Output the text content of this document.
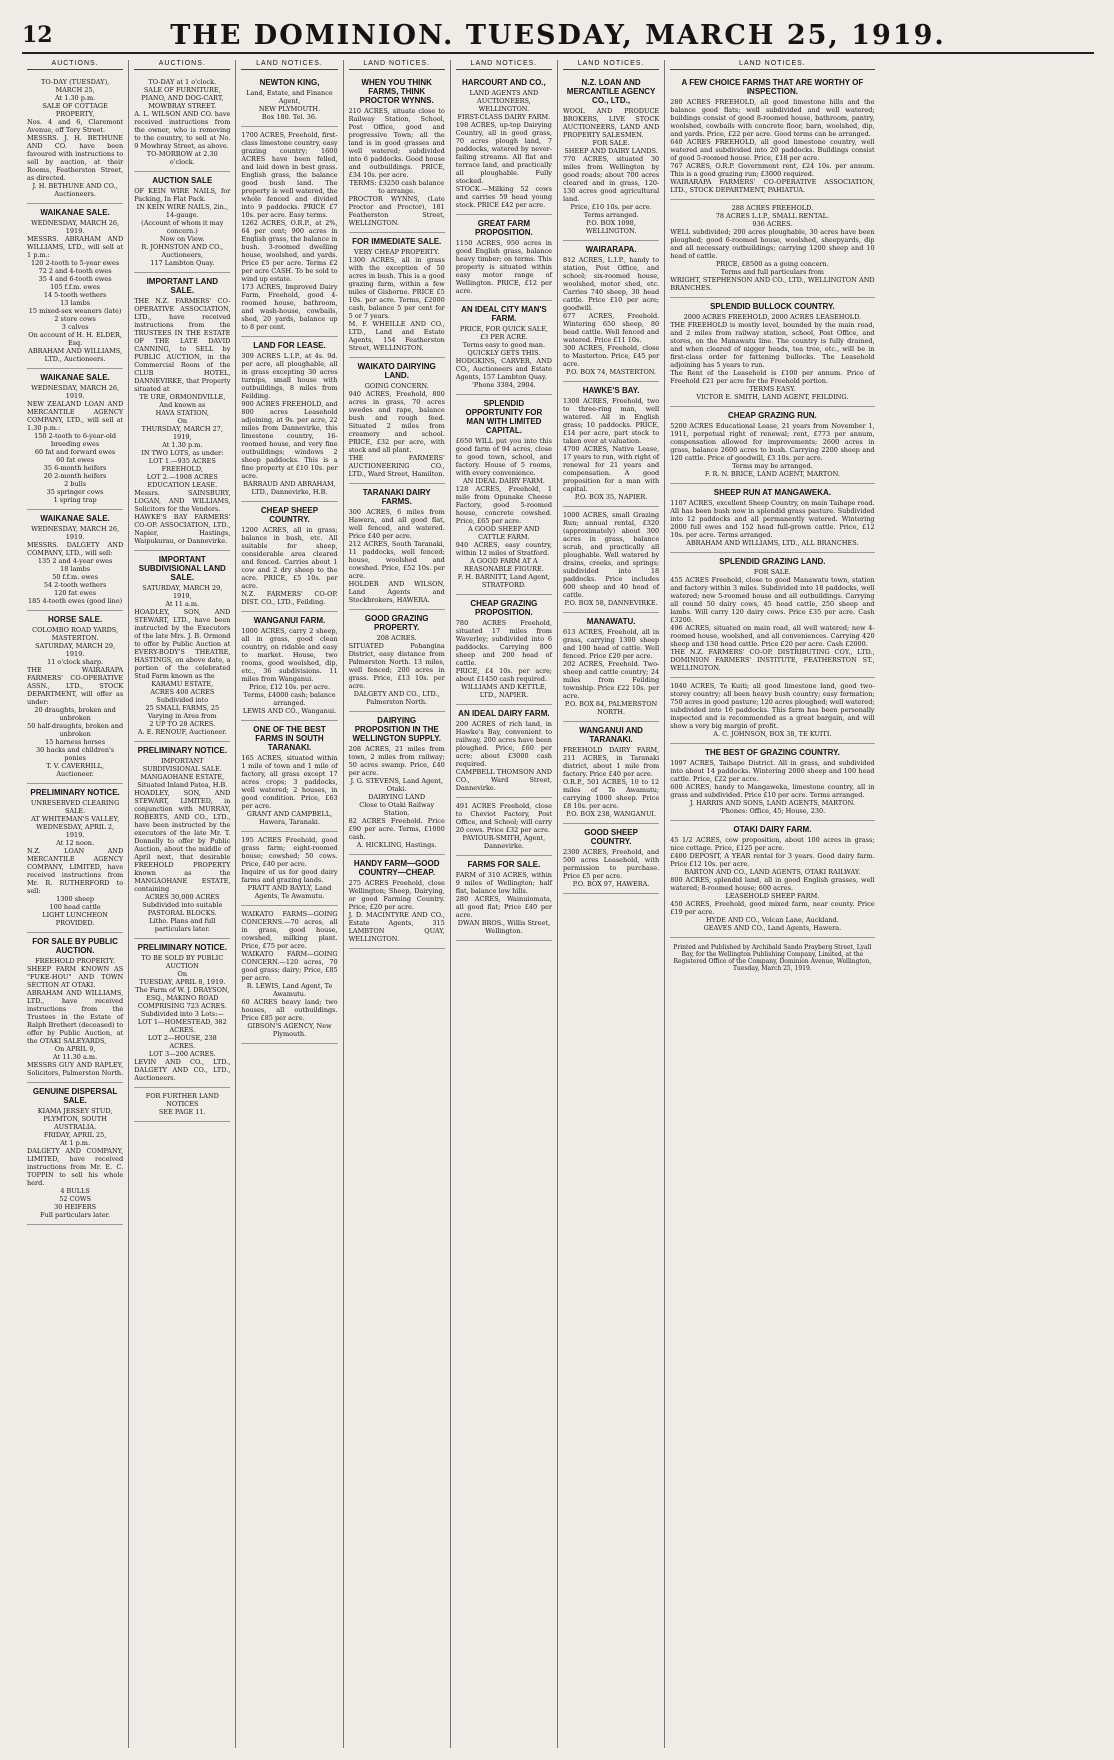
12	THE DOMINION. TUESDAY, MARCH 25, 1919.
AUCTIONS.
TO-DAY (TUESDAY), MARCH 25,
At 1.30 p.m.
SALE OF COTTAGE PROPERTY,
Nos. 4 and 6, Claremont Avenue, off Tory Street.
MESSRS. J. H. BETHUNE AND CO. have been favoured with instructions to sell by auction, at their Rooms, Featherston Street, as directed.
J. H. BETHUNE AND CO., Auctioneers.
WAIKANAE SALE.
WEDNESDAY, MARCH 26, 1919.
MESSRS. ABRAHAM AND WILLIAMS, LTD., will sell at 1 p.m.:
120 2-tooth to 5-year ewes
72 2 and 4-tooth ewes
35 4 and 6-tooth ewes
105 f.f.m. ewes
14 5-tooth wethers
13 lambs
15 mixed-sex weaners (late)
2 store cows
3 calves
On account of H. H. ELDER, Esq.
ABRAHAM AND WILLIAMS, LTD., Auctioneers.
WAIKANAE SALE.
WEDNESDAY, MARCH 26, 1919.
NEW ZEALAND LOAN AND MERCANTILE AGENCY COMPANY, LTD., will sell at 1.30 p.m.:
150 2-tooth to 6-year-old breeding ewes
60 fat and forward ewes
60 fat ewes
35 6-month heifers
20 2-month heifers
2 bulls
35 springer cows
1 spring trap
WAIKANAE SALE.
WEDNESDAY, MARCH 26, 1919.
MESSRS. DALGETY AND COMPANY, LTD., will sell:
135 2 and 4-year ewes
18 lambs
50 f.f.m. ewes
54 2-tooth wethers
120 fat ewes
185 4-tooth ewes (good line)
HORSE SALE.
COLOMBO ROAD YARDS, MASTERTON.
SATURDAY, MARCH 29, 1919.
11 o'clock sharp.
THE WAIRARAPA FARMERS' CO-OPERATIVE ASSN., LTD., STOCK DEPARTMENT, will offer as under:
20 draughts, broken and unbroken
50 half-draughts, broken and unbroken
15 harness horses
30 hacks and children's ponies
T. V. CAVERHILL, Auctioneer.
PRELIMINARY NOTICE.
UNRESERVED CLEARING SALE.
AT WHITEMAN'S VALLEY,
WEDNESDAY, APRIL 2, 1919.
At 12 noon.
N.Z. LOAN AND MERCANTILE AGENCY COMPANY, LIMITED, have received instructions from Mr. R. RUTHERFORD to sell:
1300 sheep
100 head cattle
LIGHT LUNCHEON PROVIDED.
FOR SALE BY PUBLIC AUCTION.
FREEHOLD PROPERTY.
SHEEP FARM KNOWN AS "FUKE-HOU" AND TOWN SECTION AT OTAKI.
ABRAHAM AND WILLIAMS, LTD., have received instructions from the Trustees in the Estate of Ralph Brethert (deceased) to offer by Public Auction, at the OTAKI SALEYARDS,
On APRIL 9,
At 11.30 a.m.
MESSRS GUY AND RAPLEY, Solicitors, Palmerston North.
GENUINE DISPERSAL SALE.
KIAMA JERSEY STUD,
PLYMTON, SOUTH AUSTRALIA.
FRIDAY, APRIL 25,
At 1 p.m.
DALGETY AND COMPANY, LIMITED, have received instructions from Mr. E. C. TOPPIN to sell his whole herd.
4 BULLS
52 COWS
30 HEIFERS
Full particulars later.
AUCTIONS.
TO-DAY at 1 o'clock.
SALE OF FURNITURE, PIANO, AND DOG-CART,
MOWBRAY STREET.
A. L. WILSON AND CO. have received instructions from the owner, who is removing to the country, to sell at No. 9 Mowbray Street, as above.
TO-MORROW at 2.30 o'clock.
AUCTION SALE
OF KEIN WIRE NAILS, for Packing, In Flat Pack.
IN KEIN WIRE NAILS, 2in., 14-gauge.
(Account of whom it may concern.)
Now on View.
R. JOHNSTON AND CO., Auctioneers,
117 Lambton Quay.
IMPORTANT LAND SALE.
THE N.Z. FARMERS' CO-OPERATIVE ASSOCIATION, LTD., have received instructions from the TRUSTEES IN THE ESTATE OF THE LATE DAVID CANNING, to SELL by PUBLIC AUCTION, in the Commercial Room of the CLUB HOTEL, DANNEVIRKE, that Property situated at
TE URE, ORMONDVILLE,
And known as
HAVA STATION,
On
THURSDAY, MARCH 27, 1919,
At 1.30 p.m.
IN TWO LOTS, as under:
LOT 1.—935 ACRES FREEHOLD,
LOT 2.—1908 ACRES EDUCATION LEASE.
Messrs. SAINSBURY, LOGAN, AND WILLIAMS, Solicitors for the Vendors.
HAWKE'S BAY FARMERS' CO-OP. ASSOCIATION, LTD., Napier, Hastings, Waipukurau, or Dannevirke.
IMPORTANT SUBDIVISIONAL LAND SALE.
SATURDAY, MARCH 29, 1919,
At 11 a.m.
HOADLEY, SON, AND STEWART, LTD., have been instructed by the Executors of the late Mrs. J. B. Ormond to offer by Public Auction at EVERY-BODY'S THEATRE, HASTINGS, on above date, a portion of the celebrated Stud Farm known as the
KARAMU ESTATE,
ACRES 400 ACRES
Subdivided into
25 SMALL FARMS, 25
Varying in Area from
2 UP TO 28 ACRES.
A. E. RENOUF, Auctioneer.
PRELIMINARY NOTICE.
IMPORTANT SUBDIVISIONAL SALE.
MANGAOHANE ESTATE,
Situated Inland Patea, H.B.
HOADLEY, SON, AND STEWART, LIMITED, in conjunction with MURRAY, ROBERTS, AND CO., LTD., have been instructed by the executors of the late Mr. T. Donnelly to offer by Public Auction, about the middle of April next, that desirable FREEHOLD PROPERTY known as the MANGAOHANE ESTATE, containing
ACRES 30,000 ACRES
Subdivided into suitable PASTORAL BLOCKS.
Litho. Plans and full particulars later.
PRELIMINARY NOTICE.
TO BE SOLD BY PUBLIC AUCTION
On
TUESDAY, APRIL 8, 1919.
The Farm of W. J. DRAYSON, ESQ., MAKINO ROAD
COMPRISING 723 ACRES.
Subdivided into 3 Lots:—
LOT 1—HOMESTEAD, 382 ACRES.
LOT 2—HOUSE, 238 ACRES.
LOT 3—200 ACRES.
LEVIN AND CO., LTD., DALGETY AND CO., LTD., Auctioneers.
FOR FURTHER LAND NOTICES
SEE PAGE 11.
LAND NOTICES.
NEWTON KING,
Land, Estate, and Finance Agent,
NEW PLYMOUTH.
Box 180. Tel. 36.
1700 ACRES, Freehold, first-class limestone country, easy grazing country; 1600 ACRES have been felled, and laid down in best grass. English grass, the balance good bush land. The property is well watered, the whole fenced and divided into 9 paddocks. PRICE £7 10s. per acre. Easy terms.
1262 ACRES, O.R.P., at 2%, 64 per cent; 900 acres in English grass, the balance in bush. 3-roomed dwelling house, woolshed, and yards. Price £5 per acre. Terms £2 per acre CASH. To be sold to wind up estate.
173 ACRES, Improved Dairy Farm, Freehold, good 4-roomed house, bathroom, and wash-house, cowbails, shed, 20 yards, balance up to 8 per cent.
LAND FOR LEASE.
309 ACRES L.I.P., at 4s. 9d. per acre, all ploughable, all in grass excepting 30 acres turnips, small house with outbuildings, 8 miles from Feilding.
900 ACRES FREEHOLD, and 800 acres Leasehold adjoining, at 9s. per acre, 22 miles from Dannevirke, this limestone country, 16-roomed house, and very fine outbuildings; windows 2 sheep paddocks. This is a fine property at £10 10s. per acre.
BARRAUD AND ABRAHAM, LTD., Dannevirke, H.B.
CHEAP SHEEP COUNTRY.
1200 ACRES, all in grass; balance in bush, etc. All suitable for sheep, considerable area cleared and fenced. Carries about 1 cow and 2 dry sheep to the acre. PRICE, £5 10s. per acre.
N.Z. FARMERS' CO-OP. DIST. CO., LTD., Feilding.
WANGANUI FARM.
1000 ACRES, carry 2 sheep, all in grass, good clean country, on ridable and easy to market. House, two rooms, good woolshed, dip, etc., 36 subdivisions. 11 miles from Wanganui.
Price, £12 10s. per acre.
Terms, £4000 cash; balance arranged.
LEWIS AND CO., Wanganui.
ONE OF THE BEST FARMS IN SOUTH TARANAKI.
165 ACRES, situated within 1 mile of town and 1 mile of factory, all grass except 17 acres crops; 3 paddocks, well watered; 2 houses, in good condition. Price, £63 per acre.
GRANT AND CAMPBELL, Hawera, Taranaki.
195 ACRES Freehold, good grass farm; eight-roomed house; cowshed; 50 cows. Price, £40 per acre.
Inquire of us for good dairy farms and grazing lands.
PRATT AND BAYLY, Land Agents, Te Awamutu.
WAIKATO FARMS—GOING CONCERNS.—70 acres, all in grass, good house, cowshed, milking plant. Price, £75 per acre.
WAIKATO FARM—GOING CONCERN.—120 acres, 70 good grass; dairy; Price, £85 per acre.
R. LEWIS, Land Agent, Te Awamutu.
60 ACRES heavy land; two houses, all outbuildings. Price £85 per acre.
GIBSON'S AGENCY, New Plymouth.
LAND NOTICES.
WHEN YOU THINK FARMS, THINK PROCTOR WYNNS.
210 ACRES, situate close to Railway Station, School, Post Office, good and progressive Town; all the land is in good grasses and well watered; subdivided into 6 paddocks. Good house and outbuildings. PRICE, £34 10s. per acre.
TERMS: £3250 cash balance to arrange.
PROCTOR WYNNS, (Late Proctor and Proctor), 181 Featherston Street, WELLINGTON.
FOR IMMEDIATE SALE.
VERY CHEAP PROPERTY.
1300 ACRES, all in grass with the exception of 50 acres in bush. This is a good grazing farm, within a few miles of Gisborne. PRICE £5 10s. per acre. Terms, £2000 cash, balance 5 per cent for 5 or 7 years.
M. F. WHEILLE AND CO., LTD., Land and Estate Agents, 154 Featherston Street, WELLINGTON.
WAIKATO DAIRYING LAND.
GOING CONCERN.
940 ACRES, Freehold, 800 acres in grass, 70 acres swedes and rape, balance bush and rough feed. Situated 2 miles from creamery and school. PRICE, £32 per acre, with stock and all plant.
THE FARMERS' AUCTIONEERING CO., LTD., Ward Street, Hamilton.
TARANAKI DAIRY FARMS.
300 ACRES, 6 miles from Hawera, and all good flat, well fenced, and watered. Price £40 per acre.
212 ACRES, South Taranaki, 11 paddocks, well fenced; house, woolshed and cowshed. Price, £52 10s. per acre.
HOLDER AND WILSON, Land Agents and Stockbrokers, HAWERA.
GOOD GRAZING PROPERTY.
208 ACRES.
SITUATED Pohangina District, easy distance from Palmerston North. 13 miles, well fenced; 200 acres in grass. Price, £13 10s. per acre.
DALGETY AND CO., LTD., Palmerston North.
DAIRYING PROPOSITION IN THE WELLINGTON SUPPLY.
208 ACRES, 21 miles from town, 2 miles from railway; 50 acres swamp. Price, £40 per acre.
J. G. STEVENS, Land Agent, Otaki.
DAIRYING LAND
Close to Otaki Railway Station.
82 ACRES Freehold. Price £90 per acre. Terms, £1000 cash.
A. HICKLING, Hastings.
HANDY FARM—GOOD COUNTRY—CHEAP.
275 ACRES Freehold, close Wellington; Sheep, Dairying, or good Farming Country. Price, £20 per acre.
J. D. MACINTYRE AND CO., Estate Agents, 315 LAMBTON QUAY, WELLINGTON.
LAND NOTICES.
HARCOURT AND CO.,
LAND AGENTS AND AUCTIONEERS, WELLINGTON.
FIRST-CLASS DAIRY FARM.
198 ACRES, up-top Dairying Country, all in good grass, 70 acres plough land, 7 paddocks, watered by never-failing streams. All flat and terrace land, and practically all ploughable. Fully stocked.
STOCK.—Milking 52 cows and carries 59 head young stock. PRICE £42 per acre.
GREAT FARM PROPOSITION.
1150 ACRES, 950 acres in good English grass, balance heavy timber; on terms. This property is situated within easy motor range of Wellington. PRICE, £12 per acre.
AN IDEAL CITY MAN'S FARM.
PRICE, FOR QUICK SALE, £3 PER ACRE.
Terms easy to good man.
QUICKLY GETS THIS.
HODGKINS, CARVER, AND CO., Auctioneers and Estate Agents, 157 Lambton Quay.
'Phone 3384, 2904.
SPLENDID OPPORTUNITY FOR MAN WITH LIMITED CAPITAL.
£650 WILL put you into this good farm of 94 acres, close to good town, school, and factory. House of 5 rooms, with every convenience.
AN IDEAL DAIRY FARM.
128 ACRES, Freehold, 1 mile from Opunake Cheese Factory, good 5-roomed house, concrete cowshed. Price, £65 per acre.
A GOOD SHEEP AND CATTLE FARM.
940 ACRES, easy country, within 12 miles of Stratford.
A GOOD FARM AT A REASONABLE FIGURE.
F. H. BARNITT, Land Agent, STRATFORD.
CHEAP GRAZING PROPOSITION.
780 ACRES Freehold, situated 17 miles from Waverley; subdivided into 6 paddocks. Carrying 800 sheep and 200 head of cattle.
PRICE, £4 10s. per acre; about £1450 cash required.
WILLIAMS AND KETTLE, LTD., NAPIER.
AN IDEAL DAIRY FARM.
200 ACRES of rich land, in Hawke's Bay, convenient to railway, 200 acres have been ploughed. Price, £60 per acre; about £3000 cash required.
CAMPBELL THOMSON AND CO., Ward Street, Dannevirke.
491 ACRES Freehold, close to Cheviot Factory, Post Office, and School; will carry 20 cows. Price £32 per acre.
PAVIOUR-SMITH, Agent, Dannevirke.
FARMS FOR SALE.
FARM of 310 ACRES, within 9 miles of Wellington; half flat, balance low hills.
280 ACRES, Wainuiomata, all good flat; Price £40 per acre.
DWAN BROS., Willis Street, Wellington.
LAND NOTICES.
N.Z. LOAN AND MERCANTILE AGENCY CO., LTD.,
WOOL AND PRODUCE BROKERS, LIVE STOCK AUCTIONEERS, LAND AND PROPERTY SALESMEN.
FOR SALE.
SHEEP AND DAIRY LANDS.
770 ACRES, situated 30 miles from Wellington by good roads; about 700 acres cleared and in grass, 120-130 acres good agricultural land.
Price, £10 10s. per acre. Terms arranged.
P.O. BOX 1098, WELLINGTON.
WAIRARAPA.
812 ACRES, L.I.P., handy to station, Post Office, and school; six-roomed house, woolshed, motor shed, etc. Carries 740 sheep, 30 head cattle. Price £10 per acre; goodwill.
677 ACRES, Freehold. Wintering 650 sheep, 80 head cattle. Well fenced and watered. Price £11 10s.
300 ACRES, Freehold, close to Masterton. Price, £45 per acre.
P.O. BOX 74, MASTERTON.
HAWKE'S BAY.
1300 ACRES, Freehold, two to three-ring man, well watered. All in English grass; 10 paddocks. PRICE, £14 per acre, part stock to taken over at valuation.
4700 ACRES, Native Lease, 17 years to run, with right of renewal for 21 years and compensation. A good proposition for a man with capital.
P.O. BOX 35, NAPIER.
1000 ACRES, small Grazing Run; annual rental, £320 (approximately) about 300 acres in grass, balance scrub, and practically all ploughable. Well watered by drains, creeks, and springs; subdivided into 18 paddocks. Price includes 600 sheep and 40 head of cattle.
P.O. BOX 58, DANNEVIRKE.
MANAWATU.
613 ACRES, Freehold, all in grass, carrying 1300 sheep and 100 head of cattle. Well fenced. Price £20 per acre.
202 ACRES, Freehold. Two-sheep and cattle country; 24 miles from Feilding township. Price £22 10s. per acre.
P.O. BOX 84, PALMERSTON NORTH.
WANGANUI AND TARANAKI.
FREEHOLD DAIRY FARM, 211 ACRES, in Taranaki district, about 1 mile from factory. Price £40 per acre.
O.R.P., 501 ACRES, 10 to 12 miles of Te Awamutu; carrying 1000 sheep. Price £8 10s. per acre.
P.O. BOX 238, WANGANUI.
GOOD SHEEP COUNTRY.
2300 ACRES, Freehold, and 500 acres Leasehold, with permission to purchase. Price £5 per acre.
P.O. BOX 97, HAWERA.
LAND NOTICES.
A FEW CHOICE FARMS THAT ARE WORTHY OF INSPECTION.
280 ACRES FREEHOLD, all good limestone hills and the balance good flats; well subdivided and well watered; buildings consist of good 8-roomed house, bathroom, pantry, woolshed, cowbails with concrete floor, barn, woolshed, dip, and yards. Price, £22 per acre. Good terms can be arranged.
640 ACRES FREEHOLD, all good limestone country, well watered and subdivided into 20 paddocks. Buildings consist of good 5-roomed house. Price, £18 per acre.
767 ACRES, O.R.P. Government rent, £24 10s. per annum. This is a good grazing run; £3000 required.
WAIRARAPA FARMERS' CO-OPERATIVE ASSOCIATION, LTD., STOCK DEPARTMENT, PAHIATUA.
288 ACRES FREEHOLD.
78 ACRES L.I.P., SMALL RENTAL.
936 ACRES.
WELL subdivided; 200 acres ploughable, 30 acres have been ploughed; good 6-roomed house, woolshed, sheepyards, dip and all necessary outbuildings; carrying 1200 sheep and 10 head of cattle.
PRICE, £8500 as a going concern.
Terms and full particulars from
WRIGHT, STEPHENSON AND CO., LTD., WELLINGTON AND BRANCHES.
SPLENDID BULLOCK COUNTRY.
2000 ACRES FREEHOLD, 2000 ACRES LEASEHOLD.
THE FREEHOLD is mostly level, bounded by the main road, and 2 miles from railway station, school, Post Office, and stores, on the Manawatu line. The country is fully drained, and when cleared of nigger heads, tea tree, etc., will be in first-class order for fattening bullocks. The Leasehold adjoining has 5 years to run.
The Rent of the Leasehold is £100 per annum. Price of Freehold £21 per acre for the Freehold portion.
TERMS EASY.
VICTOR E. SMITH, LAND AGENT, FEILDING.
CHEAP GRAZING RUN.
5200 ACRES Educational Lease, 21 years from November 1, 1911, perpetual right of renewal; rent, £773 per annum, compensation allowed for improvements; 2600 acres in grass, balance 2600 acres to bush. Carrying 2200 sheep and 120 cattle. Price of goodwill, £3 10s. per acre.
Terms may be arranged.
F. R. N. BRICE, LAND AGENT, MARTON.
SHEEP RUN AT MANGAWEKA.
1107 ACRES, excellent Sheep Country, on main Taihape road. All has been bush now in splendid grass pasture. Subdivided into 12 paddocks and all permanently watered. Wintering 2000 full ewes and 152 head full-grown cattle. Price, £12 10s. per acre. Terms arranged.
ABRAHAM AND WILLIAMS, LTD., ALL BRANCHES.
SPLENDID GRAZING LAND.
FOR SALE.
455 ACRES Freehold, close to good Manawatu town, station and factory within 3 miles. Subdivided into 18 paddocks, well watered; new 5-roomed house and all outbuildings. Carrying all round 50 dairy cows, 45 head cattle, 250 sheep and lambs. Will carry 120 dairy cows. Price £35 per acre. Cash £3200.
496 ACRES, situated on main road, all well watered; new 4-roomed house, woolshed, and all conveniences. Carrying 420 sheep and 130 head cattle. Price £20 per acre. Cash £2000.
THE N.Z. FARMERS' CO-OP. DISTRIBUTING COY., LTD., DOMINION FARMERS' INSTITUTE, FEATHERSTON ST., WELLINGTON.
1040 ACRES, Te Kuiti; all good limestone land, good two-storey country; all been heavy bush country; easy formation; 750 acres in good pasture; 120 acres ploughed; well watered; subdivided into 16 paddocks. This farm has been personally inspected and is recommended as a great bargain, and will show a very big margin of profit.
A. C. JOHNSON, BOX 38, TE KUITI.
THE BEST OF GRAZING COUNTRY.
1097 ACRES, Taihape District. All in grass, and subdivided into about 14 paddocks. Wintering 2000 sheep and 100 head cattle. Price, £22 per acre.
600 ACRES, handy to Mangaweka, limestone country, all in grass and subdivided. Price £10 per acre. Terms arranged.
J. HARRIS AND SONS, LAND AGENTS, MARTON.
'Phones: Office, 45; House, 230.
OTAKI DAIRY FARM.
45 1/2 ACRES, cow proposition, about 100 acres in grass; nice cottage. Price, £125 per acre.
£400 DEPOSIT, A YEAR rental for 3 years. Good dairy farm. Price £12 10s. per acre.
BARTON AND CO., LAND AGENTS, OTAKI RAILWAY.
800 ACRES, splendid land, all in good English grasses, well watered; 8-roomed house; 600 acres.
LEASEHOLD SHEEP FARM.
450 ACRES, Freehold, good mixed farm, near county. Price £19 per acre.
HYDE AND CO., Volcan Lane, Auckland.
GEAVES AND CO., Land Agents, Hawera.
Printed and Published by Archibald Sando Prayberg Street, Lyall Bay, for the Wellington Publishing Company, Limited, at the Registered Office of the Company, Dominion Avenue, Wellington, Tuesday, March 25, 1919.
